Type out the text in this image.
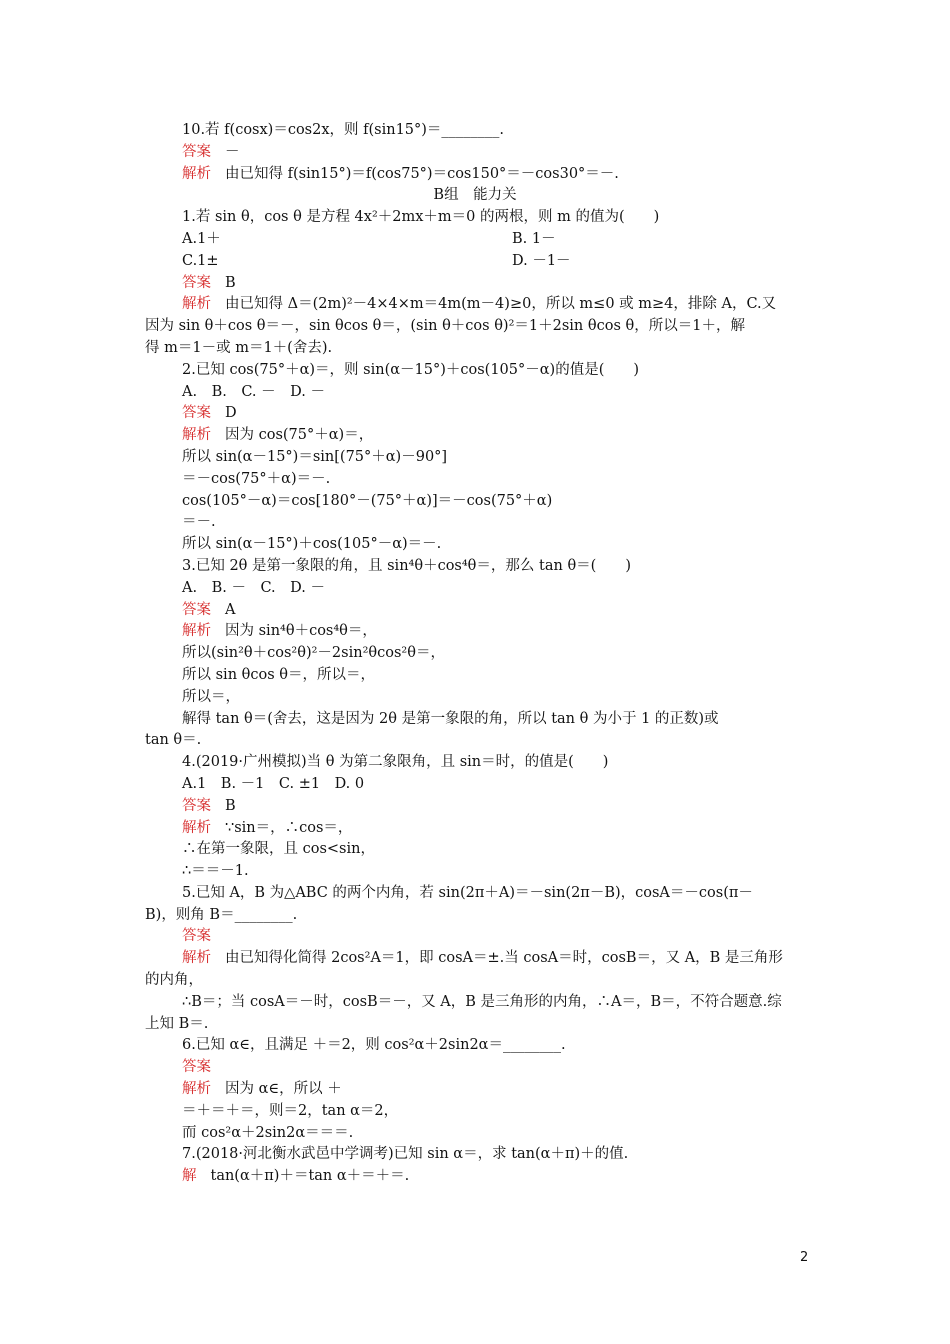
10.若 f(cosx)＝cos2x，则 f(sin15°)＝________.
答案 －
解析 由已知得 f(sin15°)＝f(cos75°)＝cos150°＝－cos30°＝－.
B组　能力关
1.若 sin θ，cos θ 是方程 4x²＋2mx＋m＝0 的两根，则 m 的值为(　　)
A.1＋	B. 1－
C.1±	D. －1－
答案 B
解析 由已知得 Δ＝(2m)²－4×4×m＝4m(m－4)≥0，所以 m≤0 或 m≥4，排除 A，C.又
因为 sin θ＋cos θ＝－，sin θcos θ＝，(sin θ＋cos θ)²＝1＋2sin θcos θ，所以＝1＋，解
得 m＝1－或 m＝1＋(舍去).
2.已知 cos(75°＋α)＝，则 sin(α－15°)＋cos(105°－α)的值是(　　)
A.　B.　C. －　D. －
答案 D
解析 因为 cos(75°＋α)＝，
所以 sin(α－15°)＝sin[(75°＋α)－90°]
＝－cos(75°＋α)＝－.
cos(105°－α)＝cos[180°－(75°＋α)]＝－cos(75°＋α)
＝－.
所以 sin(α－15°)＋cos(105°－α)＝－.
3.已知 2θ 是第一象限的角，且 sin⁴θ＋cos⁴θ＝，那么 tan θ＝(　　)
A.　B. －　C.　D. －
答案 A
解析 因为 sin⁴θ＋cos⁴θ＝，
所以(sin²θ＋cos²θ)²－2sin²θcos²θ＝，
所以 sin θcos θ＝，所以＝，
所以＝，
解得 tan θ＝(舍去，这是因为 2θ 是第一象限的角，所以 tan θ 为小于 1 的正数)或
tan θ＝.
4.(2019·广州模拟)当 θ 为第二象限角，且 sin＝时，的值是(　　)
A.1　B. －1　C. ±1　D. 0
答案 B
解析 ∵sin＝，∴cos＝，
∴在第一象限，且 cos<sin，
∴＝＝－1.
5.已知 A，B 为△ABC 的两个内角，若 sin(2π＋A)＝－sin(2π－B)，cosA＝－cos(π－
B)，则角 B＝________.
答案
解析 由已知得化简得 2cos²A＝1，即 cosA＝±.当 cosA＝时，cosB＝，又 A，B 是三角形
的内角，
∴B＝；当 cosA＝－时，cosB＝－，又 A，B 是三角形的内角，∴A＝，B＝，不符合题意.综
上知 B＝.
6.已知 α∈，且满足 ＋＝2，则 cos²α＋2sin2α＝________.
答案
解析 因为 α∈，所以 ＋
＝＋＝＋＝，则＝2，tan α＝2，
而 cos²α＋2sin2α＝＝＝.
7.(2018·河北衡水武邑中学调考)已知 sin α＝，求 tan(α＋π)＋的值.
解 tan(α＋π)＋＝tan α＋＝＋＝.
2
